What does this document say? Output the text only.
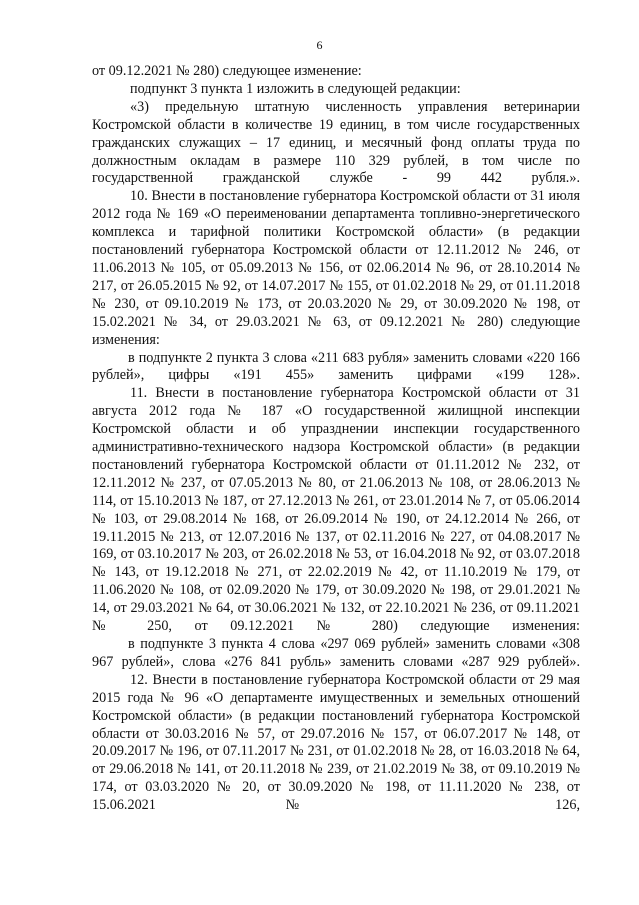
6

от 09.12.2021 № 280) следующее изменение:

подпункт 3 пункта 1 изложить в следующей редакции:

«3) предельную штатную численность управления ветеринарии Костромской области в количестве 19 единиц, в том числе государственных гражданских служащих – 17 единиц, и месячный фонд оплаты труда по должностным окладам в размере 110 329 рублей, в том числе по государственной гражданской службе - 99 442 рубля.».

10. Внести в постановление губернатора Костромской области от 31 июля 2012 года № 169 «О переименовании департамента топливно-энергетического комплекса и тарифной политики Костромской области» (в редакции постановлений губернатора Костромской области от 12.11.2012 № 246, от 11.06.2013 № 105, от 05.09.2013 № 156, от 02.06.2014 № 96, от 28.10.2014 № 217, от 26.05.2015 № 92, от 14.07.2017 № 155, от 01.02.2018 № 29, от 01.11.2018 № 230, от 09.10.2019 № 173, от 20.03.2020 № 29, от 30.09.2020 № 198, от 15.02.2021 № 34, от 29.03.2021 № 63, от 09.12.2021 № 280) следующие изменения:

в подпункте 2 пункта 3 слова «211 683 рубля» заменить словами «220 166 рублей», цифры «191 455» заменить цифрами «199 128».

11. Внести в постановление губернатора Костромской области от 31 августа 2012 года № 187 «О государственной жилищной инспекции Костромской области и об упразднении инспекции государственного административно-технического надзора Костромской области» (в редакции постановлений губернатора Костромской области от 01.11.2012 № 232, от 12.11.2012 № 237, от 07.05.2013 № 80, от 21.06.2013 № 108, от 28.06.2013 № 114, от 15.10.2013 № 187, от 27.12.2013 № 261, от 23.01.2014 № 7, от 05.06.2014 № 103, от 29.08.2014 № 168, от 26.09.2014 № 190, от 24.12.2014 № 266, от 19.11.2015 № 213, от 12.07.2016 № 137, от 02.11.2016 № 227, от 04.08.2017 № 169, от 03.10.2017 № 203, от 26.02.2018 № 53, от 16.04.2018 № 92, от 03.07.2018 № 143, от 19.12.2018 № 271, от 22.02.2019 № 42, от 11.10.2019 № 179, от 11.06.2020 № 108, от 02.09.2020 № 179, от 30.09.2020 № 198, от 29.01.2021 № 14, от 29.03.2021 № 64, от 30.06.2021 № 132, от 22.10.2021 № 236, от 09.11.2021 № 250, от 09.12.2021 № 280) следующие изменения:

в подпункте 3 пункта 4 слова «297 069 рублей» заменить словами «308 967 рублей», слова «276 841 рубль» заменить словами «287 929 рублей».

12. Внести в постановление губернатора Костромской области от 29 мая 2015 года № 96 «О департаменте имущественных и земельных отношений Костромской области» (в редакции постановлений губернатора Костромской области от 30.03.2016 № 57, от 29.07.2016 № 157, от 06.07.2017 № 148, от 20.09.2017 № 196, от 07.11.2017 № 231, от 01.02.2018 № 28, от 16.03.2018 № 64, от 29.06.2018 № 141, от 20.11.2018 № 239, от 21.02.2019 № 38, от 09.10.2019 № 174, от 03.03.2020 № 20, от 30.09.2020 № 198, от 11.11.2020 № 238, от 15.06.2021 № 126,
